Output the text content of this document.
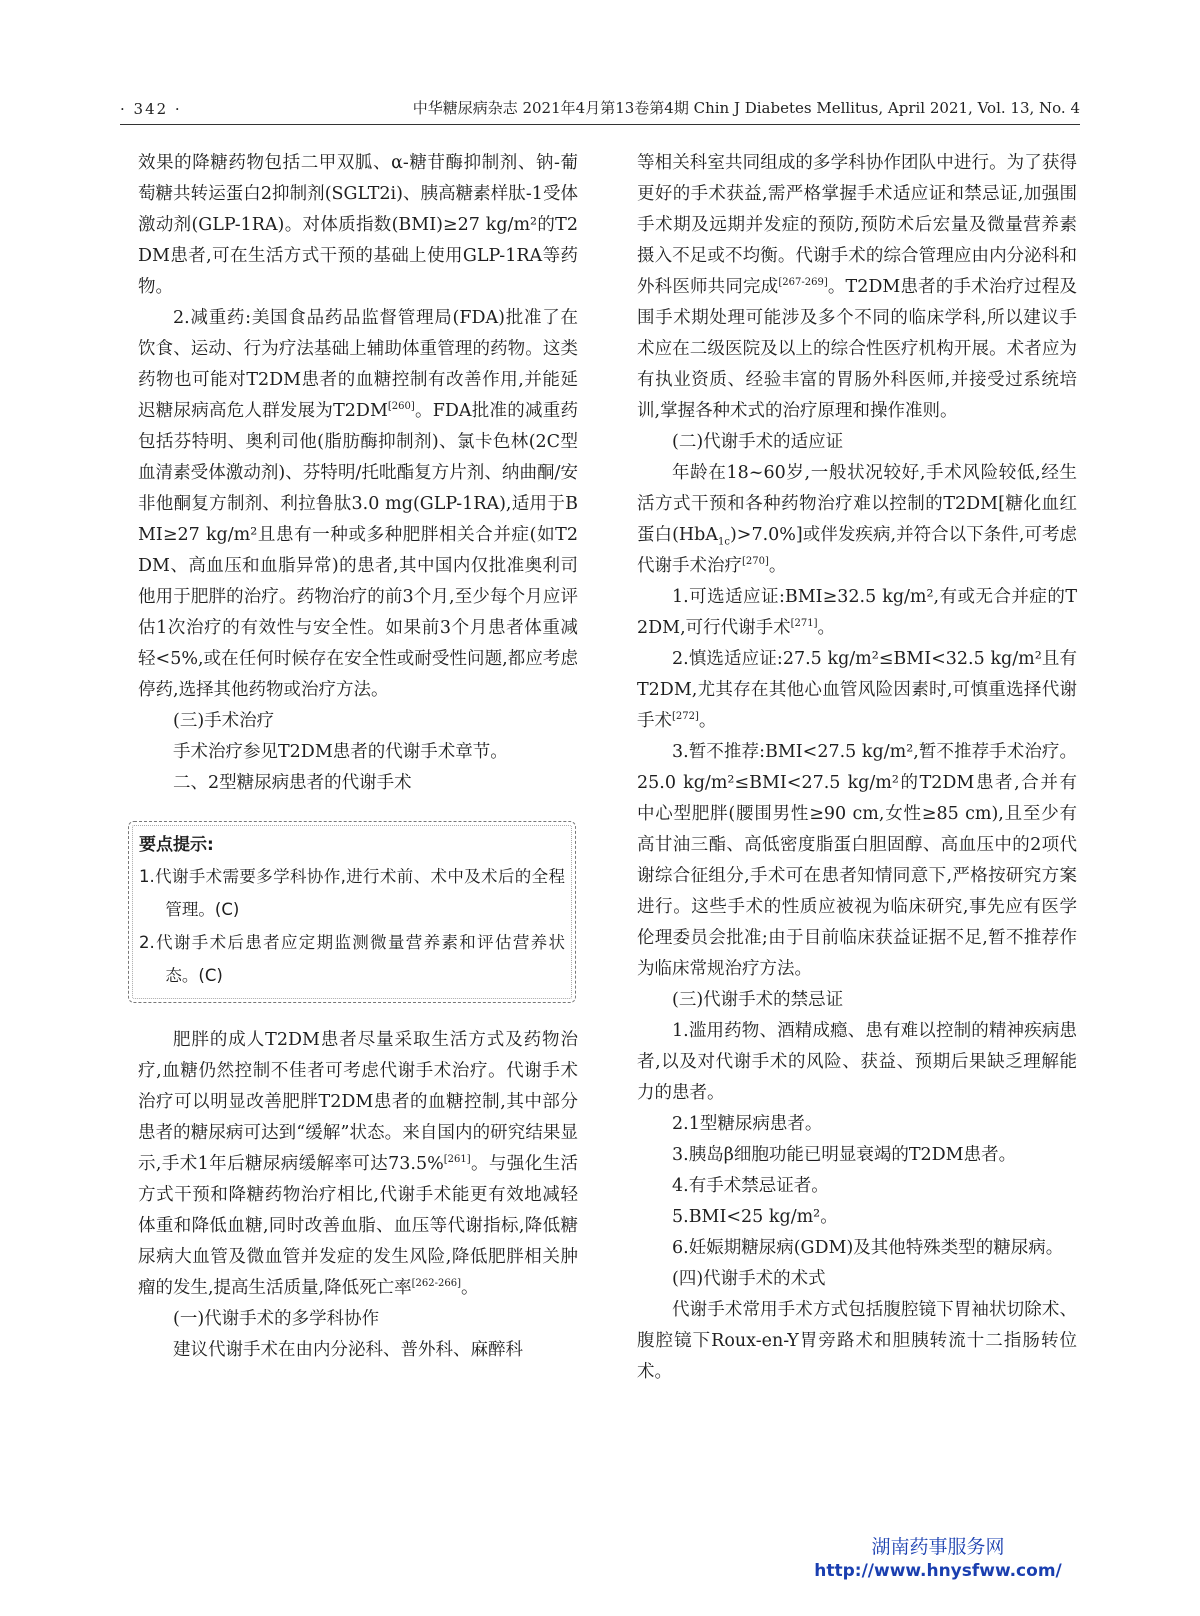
· 342 ·	中华糖尿病杂志 2021年4月第13卷第4期 Chin J Diabetes Mellitus, April 2021, Vol. 13, No. 4

效果的降糖药物包括二甲双胍、α-糖苷酶抑制剂、钠-葡萄糖共转运蛋白2抑制剂(SGLT2i)、胰高糖素样肽-1受体激动剂(GLP-1RA)。对体质指数(BMI)≥27 kg/m²的T2DM患者,可在生活方式干预的基础上使用GLP-1RA等药物。

2.减重药:美国食品药品监督管理局(FDA)批准了在饮食、运动、行为疗法基础上辅助体重管理的药物。这类药物也可能对T2DM患者的血糖控制有改善作用,并能延迟糖尿病高危人群发展为T2DM[260]。FDA批准的减重药包括芬特明、奥利司他(脂肪酶抑制剂)、氯卡色林(2C型血清素受体激动剂)、芬特明/托吡酯复方片剂、纳曲酮/安非他酮复方制剂、利拉鲁肽3.0 mg(GLP-1RA),适用于BMI≥27 kg/m²且患有一种或多种肥胖相关合并症(如T2DM、高血压和血脂异常)的患者,其中国内仅批准奥利司他用于肥胖的治疗。药物治疗的前3个月,至少每个月应评估1次治疗的有效性与安全性。如果前3个月患者体重减轻<5%,或在任何时候存在安全性或耐受性问题,都应考虑停药,选择其他药物或治疗方法。

(三)手术治疗

手术治疗参见T2DM患者的代谢手术章节。

二、2型糖尿病患者的代谢手术

要点提示:
1.代谢手术需要多学科协作,进行术前、术中及术后的全程管理。(C)
2.代谢手术后患者应定期监测微量营养素和评估营养状态。(C)

肥胖的成人T2DM患者尽量采取生活方式及药物治疗,血糖仍然控制不佳者可考虑代谢手术治疗。代谢手术治疗可以明显改善肥胖T2DM患者的血糖控制,其中部分患者的糖尿病可达到“缓解”状态。来自国内的研究结果显示,手术1年后糖尿病缓解率可达73.5%[261]。与强化生活方式干预和降糖药物治疗相比,代谢手术能更有效地减轻体重和降低血糖,同时改善血脂、血压等代谢指标,降低糖尿病大血管及微血管并发症的发生风险,降低肥胖相关肿瘤的发生,提高生活质量,降低死亡率[262-266]。

(一)代谢手术的多学科协作

建议代谢手术在由内分泌科、普外科、麻醉科

等相关科室共同组成的多学科协作团队中进行。为了获得更好的手术获益,需严格掌握手术适应证和禁忌证,加强围手术期及远期并发症的预防,预防术后宏量及微量营养素摄入不足或不均衡。代谢手术的综合管理应由内分泌科和外科医师共同完成[267-269]。T2DM患者的手术治疗过程及围手术期处理可能涉及多个不同的临床学科,所以建议手术应在二级医院及以上的综合性医疗机构开展。术者应为有执业资质、经验丰富的胃肠外科医师,并接受过系统培训,掌握各种术式的治疗原理和操作准则。

(二)代谢手术的适应证

年龄在18~60岁,一般状况较好,手术风险较低,经生活方式干预和各种药物治疗难以控制的T2DM[糖化血红蛋白(HbA$_{1c}$)>7.0%]或伴发疾病,并符合以下条件,可考虑代谢手术治疗[270]。

1.可选适应证:BMI≥32.5 kg/m²,有或无合并症的T2DM,可行代谢手术[271]。

2.慎选适应证:27.5 kg/m²≤BMI<32.5 kg/m²且有T2DM,尤其存在其他心血管风险因素时,可慎重选择代谢手术[272]。

3.暂不推荐:BMI<27.5 kg/m²,暂不推荐手术治疗。25.0 kg/m²≤BMI<27.5 kg/m²的T2DM患者,合并有中心型肥胖(腰围男性≥90 cm,女性≥85 cm),且至少有高甘油三酯、高低密度脂蛋白胆固醇、高血压中的2项代谢综合征组分,手术可在患者知情同意下,严格按研究方案进行。这些手术的性质应被视为临床研究,事先应有医学伦理委员会批准;由于目前临床获益证据不足,暂不推荐作为临床常规治疗方法。

(三)代谢手术的禁忌证

1.滥用药物、酒精成瘾、患有难以控制的精神疾病患者,以及对代谢手术的风险、获益、预期后果缺乏理解能力的患者。

2.1型糖尿病患者。

3.胰岛β细胞功能已明显衰竭的T2DM患者。

4.有手术禁忌证者。

5.BMI<25 kg/m²。

6.妊娠期糖尿病(GDM)及其他特殊类型的糖尿病。

(四)代谢手术的术式

代谢手术常用手术方式包括腹腔镜下胃袖状切除术、腹腔镜下Roux-en-Y胃旁路术和胆胰转流十二指肠转位术。

湖南药事服务网
http://www.hnysfww.com/
